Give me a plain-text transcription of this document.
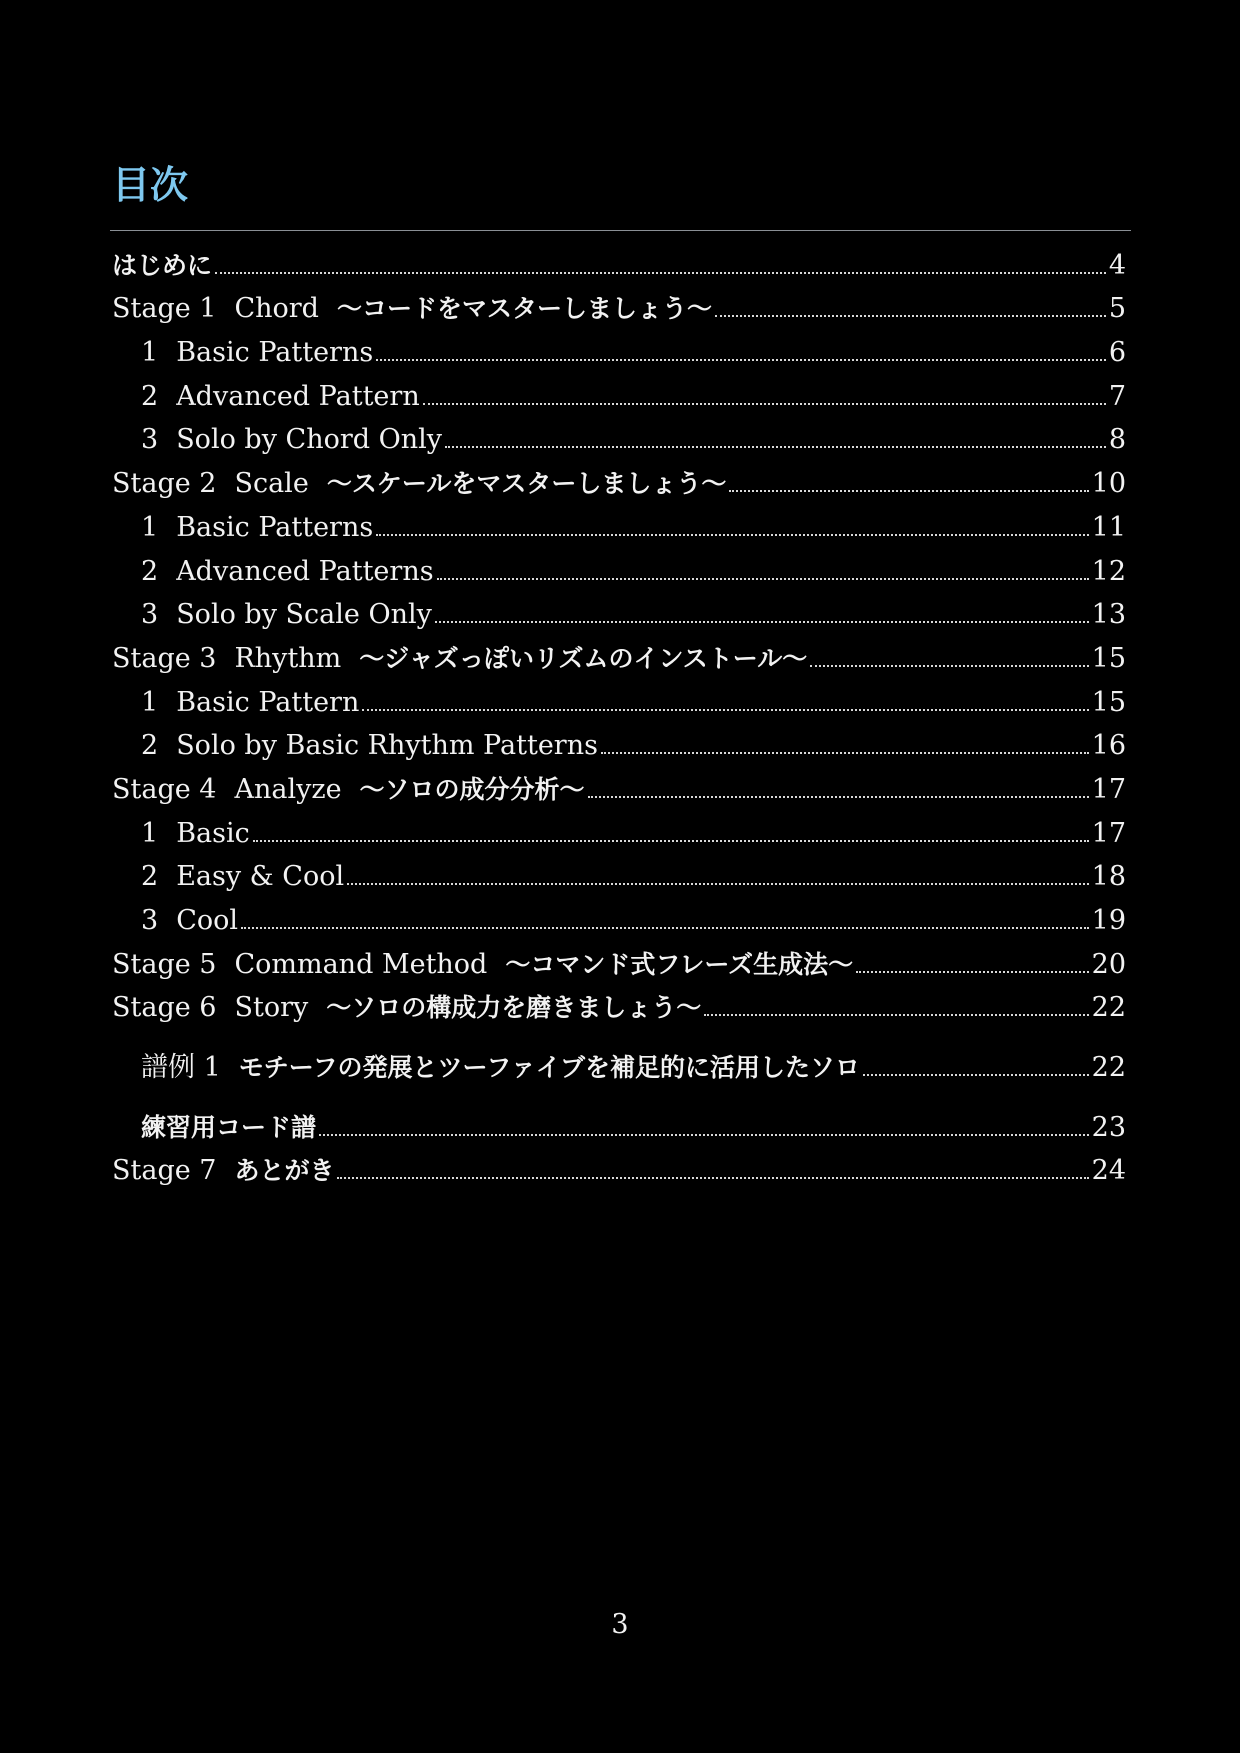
目次
はじめに	4
Stage 1 Chord 〜コードをマスターしましょう〜	5
1 Basic Patterns	6
2 Advanced Pattern	7
3 Solo by Chord Only	8
Stage 2 Scale 〜スケールをマスターしましょう〜	10
1 Basic Patterns	11
2 Advanced Patterns	12
3 Solo by Scale Only	13
Stage 3 Rhythm 〜ジャズっぽいリズムのインストール〜	15
1 Basic Pattern	15
2 Solo by Basic Rhythm Patterns	16
Stage 4 Analyze 〜ソロの成分分析〜	17
1 Basic	17
2 Easy & Cool	18
3 Cool	19
Stage 5 Command Method 〜コマンド式フレーズ生成法〜	20
Stage 6 Story 〜ソロの構成力を磨きましょう〜	22
譜例 1 モチーフの発展とツーファイブを補足的に活用したソロ	22
練習用コード譜	23
Stage 7 あとがき	24
3
